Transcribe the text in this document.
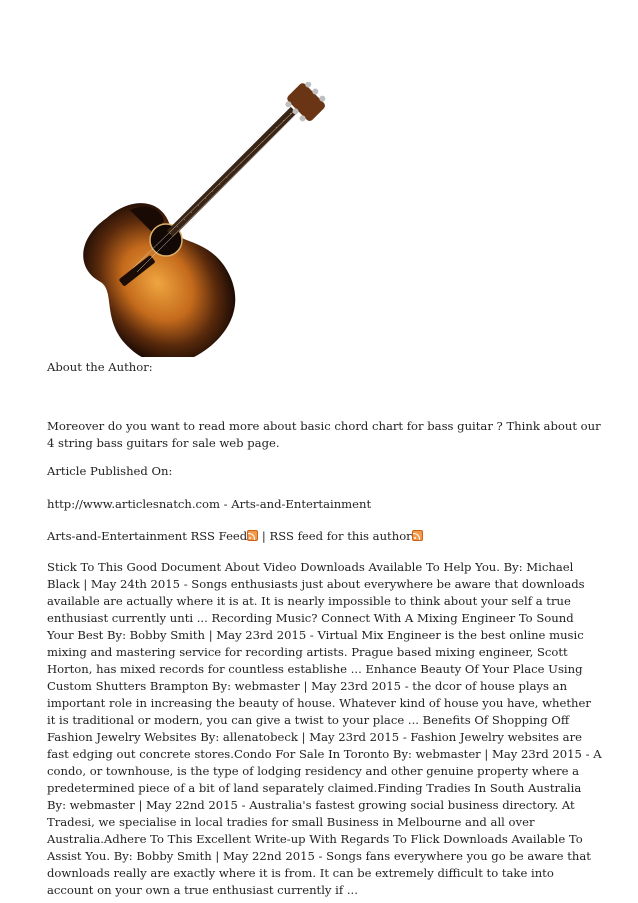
About the Author:

Moreover do you want to read more about basic chord chart for bass guitar ? Think about our 4 string bass guitars for sale web page.

Article Published On:

http://www.articlesnatch.com - Arts-and-Entertainment

Arts-and-Entertainment RSS Feed | RSS feed for this author

Stick To This Good Document About Video Downloads Available To Help You. By: Michael Black | May 24th 2015 - Songs enthusiasts just about everywhere be aware that downloads available are actually where it is at. It is nearly impossible to think about your self a true enthusiast currently unti ... Recording Music? Connect With A Mixing Engineer To Sound Your Best By: Bobby Smith | May 23rd 2015 - Virtual Mix Engineer is the best online music mixing and mastering service for recording artists. Prague based mixing engineer, Scott Horton, has mixed records for countless establishe ... Enhance Beauty Of Your Place Using Custom Shutters Brampton By: webmaster | May 23rd 2015 - the dcor of house plays an important role in increasing the beauty of house. Whatever kind of house you have, whether it is traditional or modern, you can give a twist to your place ... Benefits Of Shopping Off Fashion Jewelry Websites By: allenatobeck | May 23rd 2015 - Fashion Jewelry websites are fast edging out concrete stores.Condo For Sale In Toronto By: webmaster | May 23rd 2015 - A condo, or townhouse, is the type of lodging residency and other genuine property where a predetermined piece of a bit of land separately claimed.Finding Tradies In South Australia By: webmaster | May 22nd 2015 - Australia's fastest growing social business directory. At Tradesi, we specialise in local tradies for small Business in Melbourne and all over Australia.Adhere To This Excellent Write-up With Regards To Flick Downloads Available To Assist You. By: Bobby Smith | May 22nd 2015 - Songs fans everywhere you go be aware that downloads really are exactly where it is from. It can be extremely difficult to take into account on your own a true enthusiast currently if ...
